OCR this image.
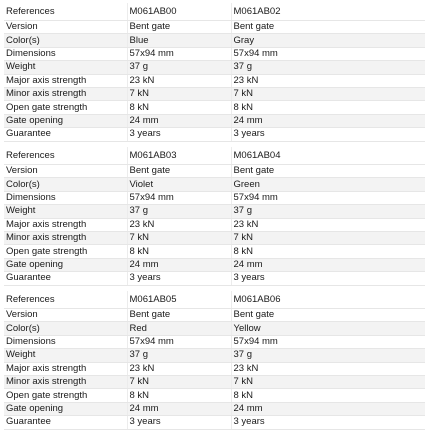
References	M061AB00	M061AB02
Version	Bent gate	Bent gate
Color(s)	Blue	Gray
Dimensions	57x94 mm	57x94 mm
Weight	37 g	37 g
Major axis strength	23 kN	23 kN
Minor axis strength	7 kN	7 kN
Open gate strength	8 kN	8 kN
Gate opening	24 mm	24 mm
Guarantee	3 years	3 years
References	M061AB03	M061AB04
Version	Bent gate	Bent gate
Color(s)	Violet	Green
Dimensions	57x94 mm	57x94 mm
Weight	37 g	37 g
Major axis strength	23 kN	23 kN
Minor axis strength	7 kN	7 kN
Open gate strength	8 kN	8 kN
Gate opening	24 mm	24 mm
Guarantee	3 years	3 years
References	M061AB05	M061AB06
Version	Bent gate	Bent gate
Color(s)	Red	Yellow
Dimensions	57x94 mm	57x94 mm
Weight	37 g	37 g
Major axis strength	23 kN	23 kN
Minor axis strength	7 kN	7 kN
Open gate strength	8 kN	8 kN
Gate opening	24 mm	24 mm
Guarantee	3 years	3 years
